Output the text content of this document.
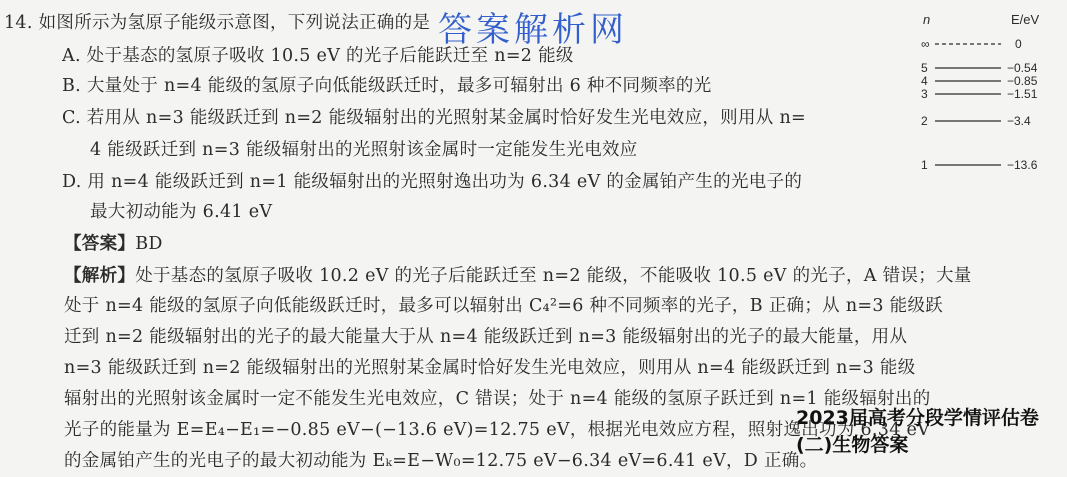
14. 如图所示为氢原子能级示意图，下列说法正确的是
A. 处于基态的氢原子吸收 10.5 eV 的光子后能跃迁至 n=2 能级
B. 大量处于 n=4 能级的氢原子向低能级跃迁时，最多可辐射出 6 种不同频率的光
C. 若用从 n=3 能级跃迁到 n=2 能级辐射出的光照射某金属时恰好发生光电效应，则用从 n=
4 能级跃迁到 n=3 能级辐射出的光照射该金属时一定能发生光电效应
D. 用 n=4 能级跃迁到 n=1 能级辐射出的光照射逸出功为 6.34 eV 的金属铂产生的光电子的
最大初动能为 6.41 eV
【答案】BD
【解析】处于基态的氢原子吸收 10.2 eV 的光子后能跃迁至 n=2 能级，不能吸收 10.5 eV 的光子，A 错误；大量
处于 n=4 能级的氢原子向低能级跃迁时，最多可以辐射出 C₄²=6 种不同频率的光子，B 正确；从 n=3 能级跃
迁到 n=2 能级辐射出的光子的最大能量大于从 n=4 能级跃迁到 n=3 能级辐射出的光子的最大能量，用从
n=3 能级跃迁到 n=2 能级辐射出的光照射某金属时恰好发生光电效应，则用从 n=4 能级跃迁到 n=3 能级
辐射出的光照射该金属时一定不能发生光电效应，C 错误；处于 n=4 能级的氢原子跃迁到 n=1 能级辐射出的
光子的能量为 E=E₄−E₁=−0.85 eV−(−13.6 eV)=12.75 eV，根据光电效应方程，照射逸出功为 6.34 eV
的金属铂产生的光电子的最大初动能为 Eₖ=E−W₀=12.75 eV−6.34 eV=6.41 eV，D 正确。
答案解析网	n	E/eV
∞	0
5	−0.54
4	−0.85
3	−1.51
2	−3.4
1	−13.6
2023届高考分段学情评估卷(二)生物答案
